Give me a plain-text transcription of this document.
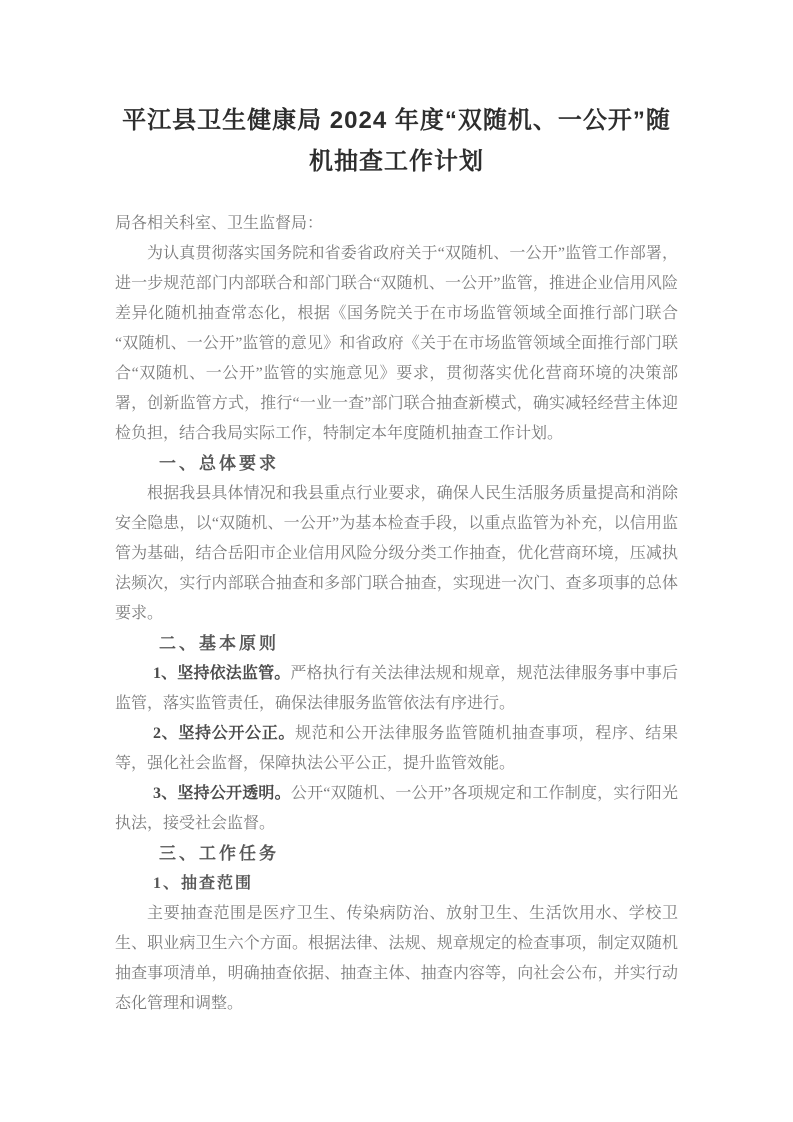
平江县卫生健康局 2024 年度“双随机、一公开”随
机抽查工作计划

局各相关科室、卫生监督局：

为认真贯彻落实国务院和省委省政府关于“双随机、一公开”监管工作部署，进一步规范部门内部联合和部门联合“双随机、一公开”监管，推进企业信用风险差异化随机抽查常态化，根据《国务院关于在市场监管领域全面推行部门联合“双随机、一公开”监管的意见》和省政府《关于在市场监管领域全面推行部门联合“双随机、一公开”监管的实施意见》要求，贯彻落实优化营商环境的决策部署，创新监管方式，推行“一业一查”部门联合抽查新模式，确实减轻经营主体迎检负担，结合我局实际工作，特制定本年度随机抽查工作计划。

一、总体要求

根据我县具体情况和我县重点行业要求，确保人民生活服务质量提高和消除安全隐患，以“双随机、一公开”为基本检查手段，以重点监管为补充，以信用监管为基础，结合岳阳市企业信用风险分级分类工作抽查，优化营商环境，压减执法频次，实行内部联合抽查和多部门联合抽查，实现进一次门、查多项事的总体要求。

二、基本原则

1、坚持依法监管。严格执行有关法律法规和规章，规范法律服务事中事后监管，落实监管责任，确保法律服务监管依法有序进行。

2、坚持公开公正。规范和公开法律服务监管随机抽查事项，程序、结果等，强化社会监督，保障执法公平公正，提升监管效能。

3、坚持公开透明。公开“双随机、一公开”各项规定和工作制度，实行阳光执法，接受社会监督。

三、工作任务

1、抽查范围

主要抽查范围是医疗卫生、传染病防治、放射卫生、生活饮用水、学校卫生、职业病卫生六个方面。根据法律、法规、规章规定的检查事项，制定双随机抽查事项清单，明确抽查依据、抽查主体、抽查内容等，向社会公布，并实行动态化管理和调整。
